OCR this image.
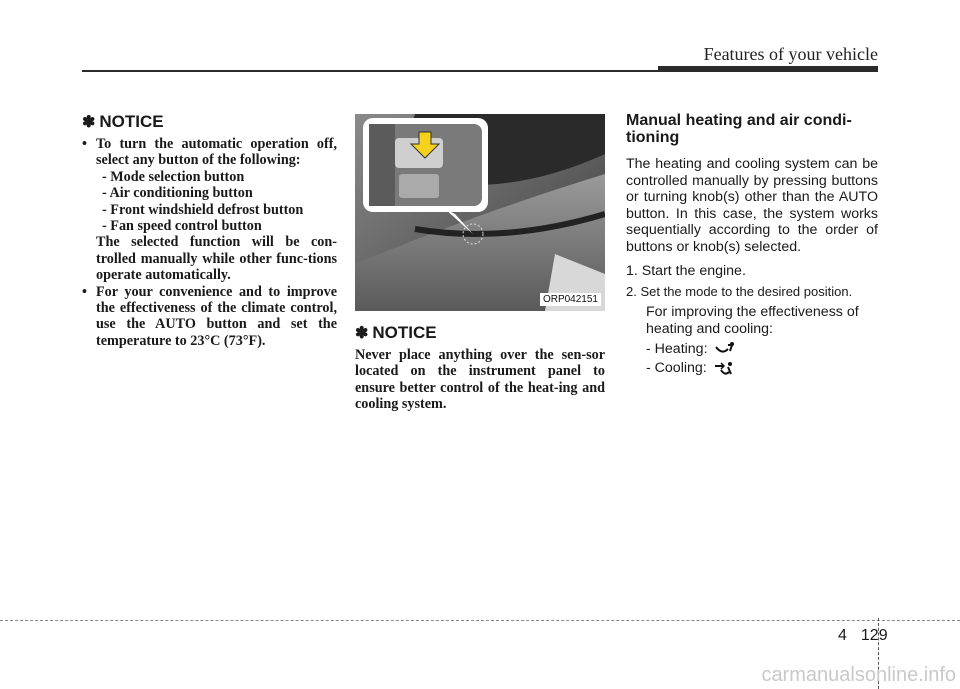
Features of your vehicle
✽ NOTICE
• To turn the automatic operation off, select any button of the following:
- Mode selection button
- Air conditioning button
- Front windshield defrost button
- Fan speed control button
The selected function will be con-trolled manually while other func-tions operate automatically.
• For your convenience and to improve the effectiveness of the climate control, use the AUTO button and set the temperature to 23°C (73°F).
ORP042151
✽ NOTICE
Never place anything over the sen-sor located on the instrument panel to ensure better control of the heat-ing and cooling system.
Manual heating and air condi-tioning
The heating and cooling system can be controlled manually by pressing buttons or turning knob(s) other than the AUTO button. In this case, the system works sequentially according to the order of buttons or knob(s) selected.
1. Start the engine.
2. Set the mode to the desired position.
For improving the effectiveness of heating and cooling:
- Heating:
- Cooling:
4 129
carmanualsonline.info
